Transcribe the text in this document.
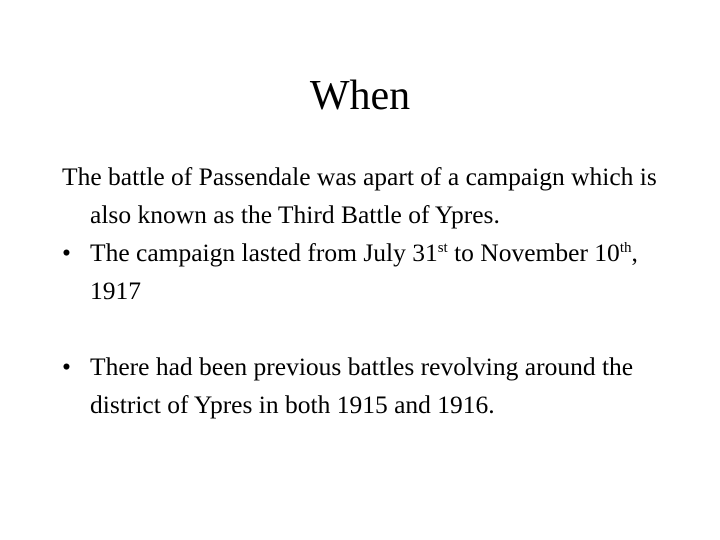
When
The battle of Passendale was apart of a campaign which is also known as the Third Battle of Ypres.
• The campaign lasted from July 31st to November 10th, 1917
• There had been previous battles revolving around the district of Ypres in both 1915 and 1916.
